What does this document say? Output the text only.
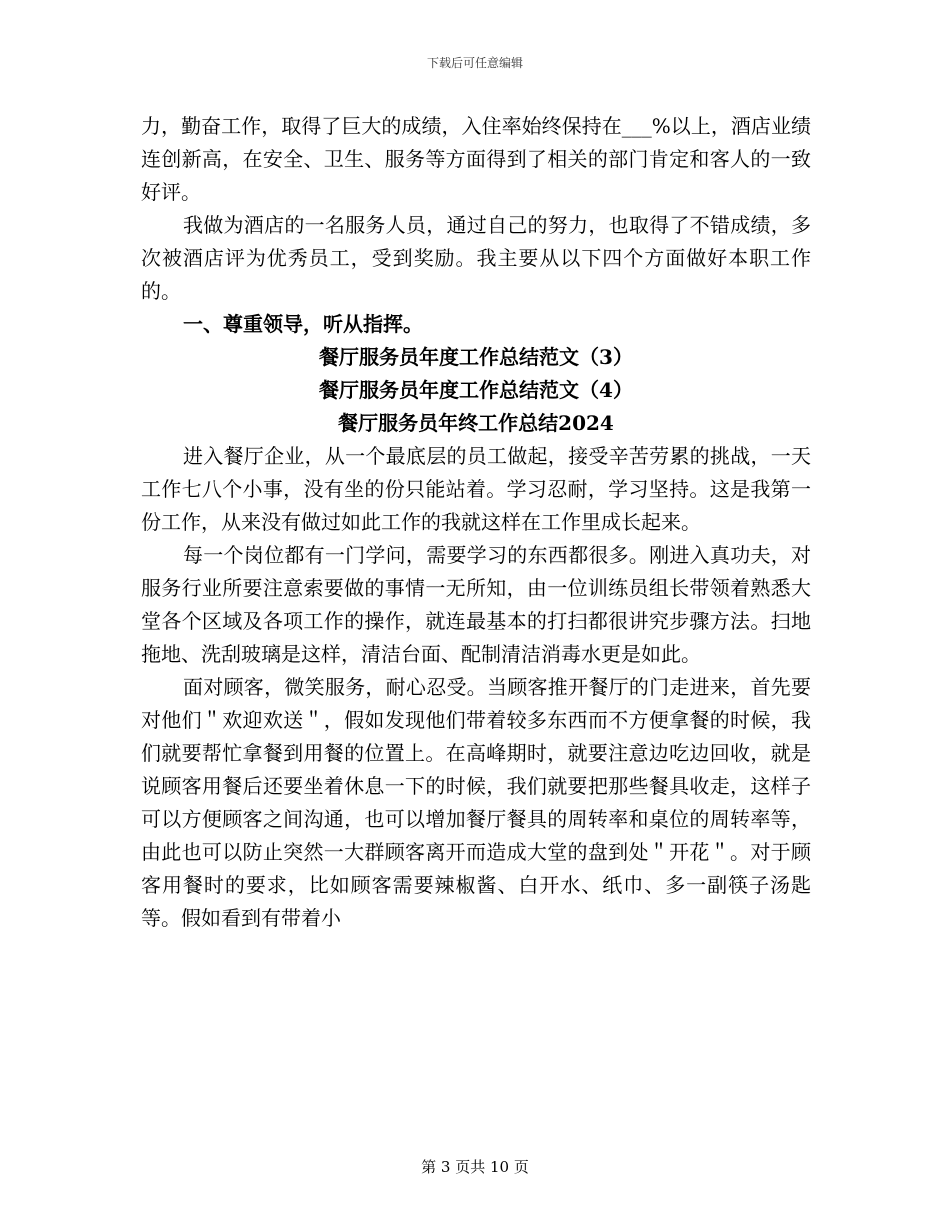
下载后可任意编辑

力，勤奋工作，取得了巨大的成绩，入住率始终保持在___%以上，酒店业绩连创新高，在安全、卫生、服务等方面得到了相关的部门肯定和客人的一致好评。

我做为酒店的一名服务人员，通过自己的努力，也取得了不错成绩，多次被酒店评为优秀员工，受到奖励。我主要从以下四个方面做好本职工作的。

一、尊重领导，听从指挥。

餐厅服务员年度工作总结范文（3）

餐厅服务员年度工作总结范文（4）

餐厅服务员年终工作总结2024

进入餐厅企业，从一个最底层的员工做起，接受辛苦劳累的挑战，一天工作七八个小事，没有坐的份只能站着。学习忍耐，学习坚持。这是我第一份工作，从来没有做过如此工作的我就这样在工作里成长起来。

每一个岗位都有一门学问，需要学习的东西都很多。刚进入真功夫，对服务行业所要注意索要做的事情一无所知，由一位训练员组长带领着熟悉大堂各个区域及各项工作的操作，就连最基本的打扫都很讲究步骤方法。扫地拖地、洗刮玻璃是这样，清洁台面、配制清洁消毒水更是如此。

面对顾客，微笑服务，耐心忍受。当顾客推开餐厅的门走进来，首先要对他们＂欢迎欢送＂，假如发现他们带着较多东西而不方便拿餐的时候，我们就要帮忙拿餐到用餐的位置上。在高峰期时，就要注意边吃边回收，就是说顾客用餐后还要坐着休息一下的时候，我们就要把那些餐具收走，这样子可以方便顾客之间沟通，也可以增加餐厅餐具的周转率和桌位的周转率等，由此也可以防止突然一大群顾客离开而造成大堂的盘到处＂开花＂。对于顾客用餐时的要求，比如顾客需要辣椒酱、白开水、纸巾、多一副筷子汤匙等。假如看到有带着小

第 3 页共 10 页
